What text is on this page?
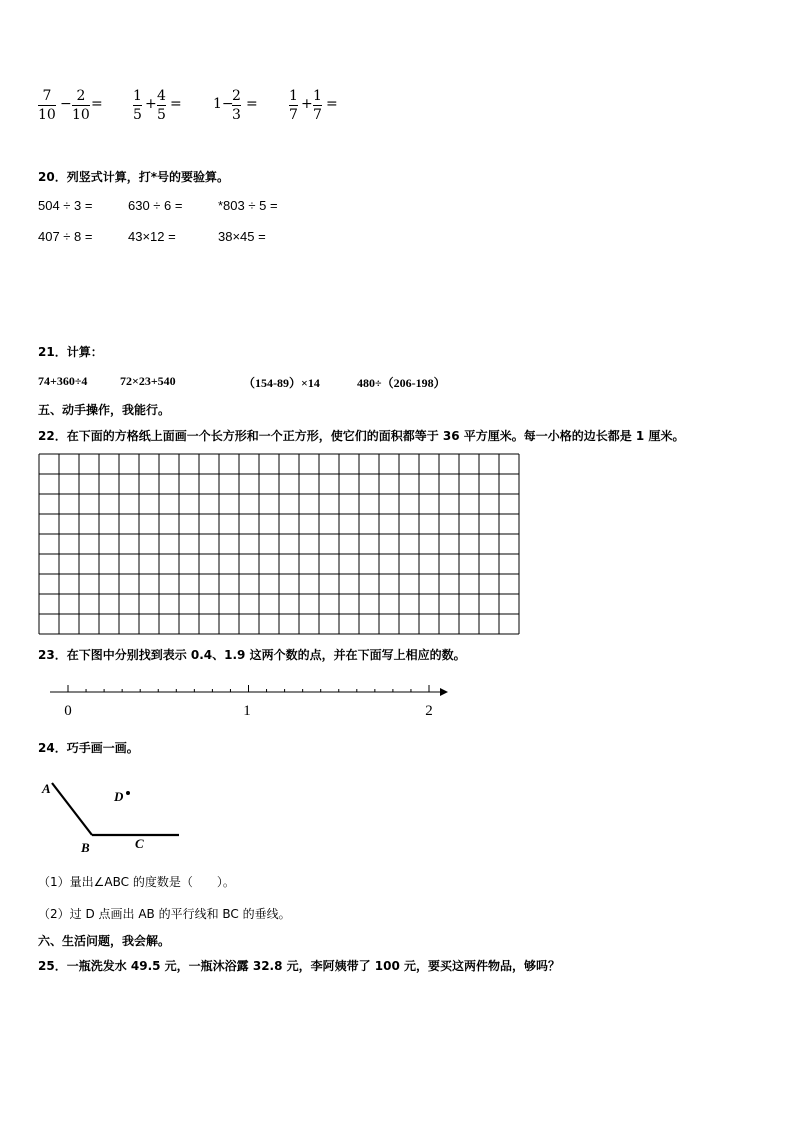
7
10
− 2
10
= 1
5
+ 4
5
= 1−
2
3
= 1
7
+ 1
7
=
20．列竖式计算，打*号的要验算。
504 ÷ 3 =	630 ÷ 6 =	*803 ÷ 5 =
407 ÷ 8 =	43×12 =	38×45 =
21．计算：
74+360÷4	72×23+540	（154-89）×14	480÷（206-198）
五、动手操作，我能行。
22．在下面的方格纸上面画一个长方形和一个正方形，使它们的面积都等于 36 平方厘米。每一小格的边长都是 1 厘米。
23．在下图中分别找到表示 0.4、1.9 这两个数的点，并在下面写上相应的数。
0	1	2
24．巧手画一画。
A
B	C
D
（1）量出∠ABC 的度数是（　　）。
（2）过 D 点画出 AB 的平行线和 BC 的垂线。
六、生活问题，我会解。
25．一瓶洗发水 49.5 元，一瓶沐浴露 32.8 元，李阿姨带了 100 元，要买这两件物品，够吗？
